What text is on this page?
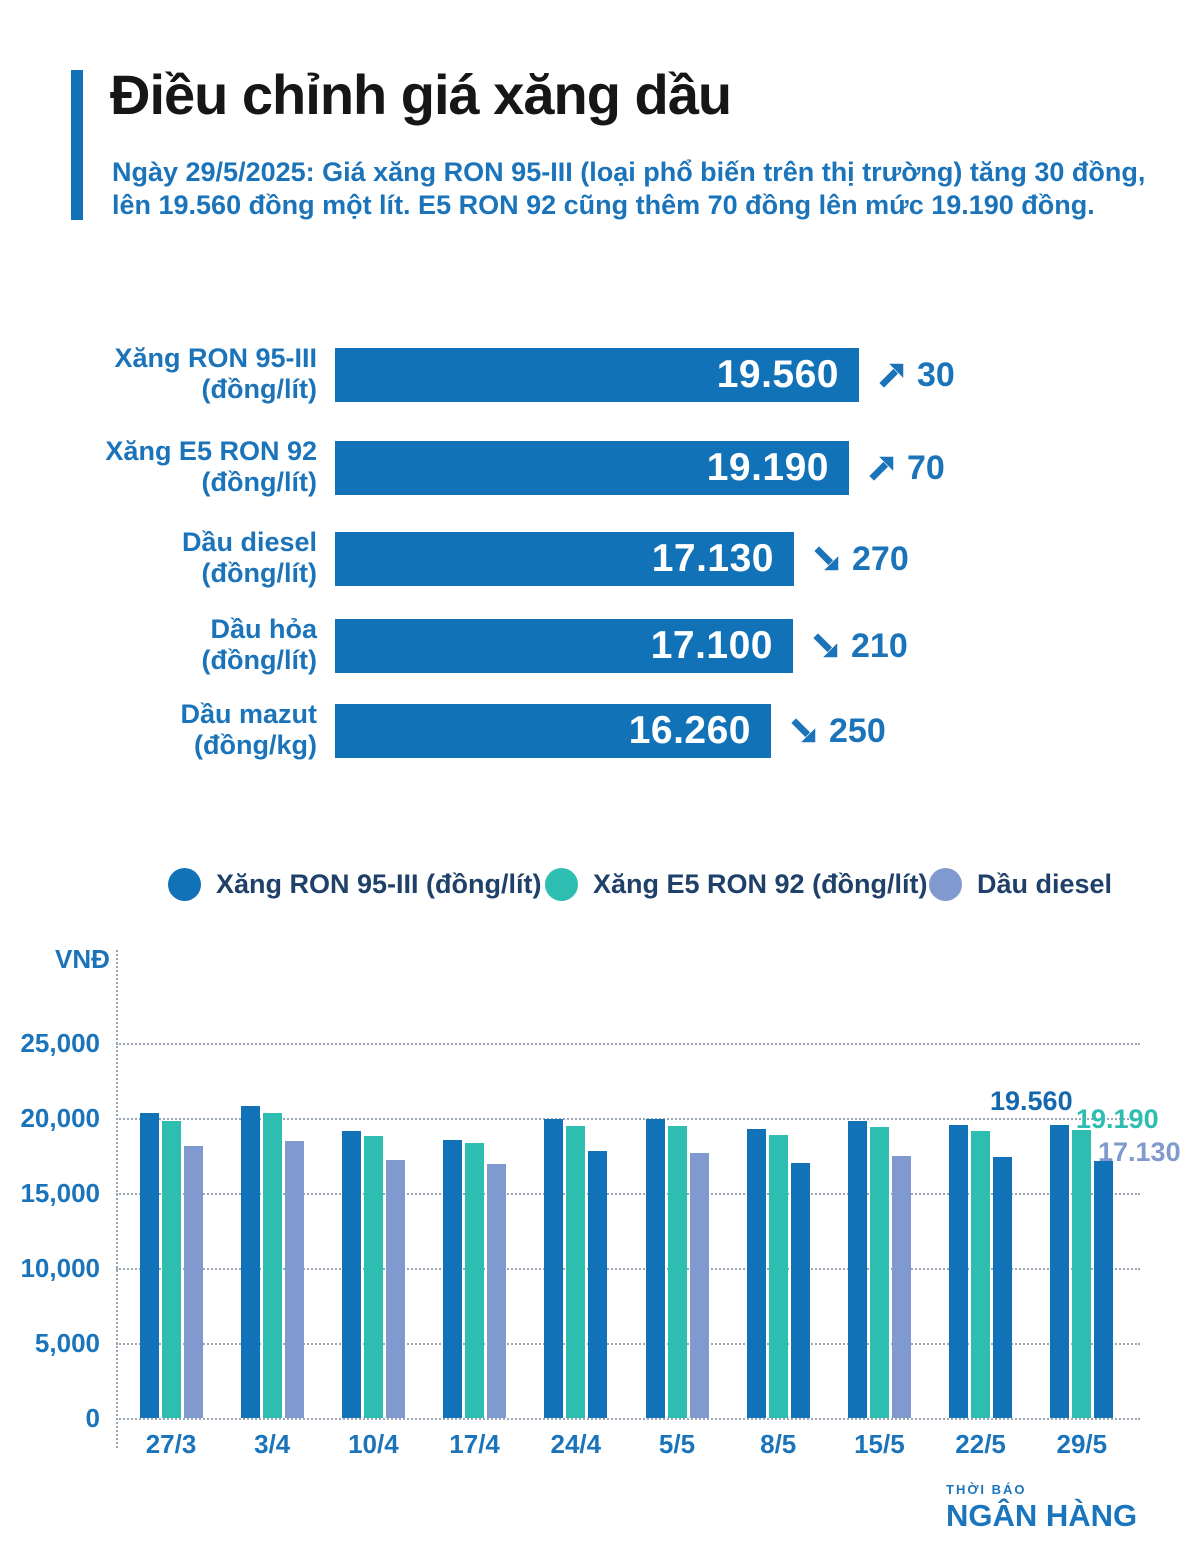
Điều chỉnh giá xăng dầu
Ngày 29/5/2025: Giá xăng RON 95-III (loại phổ biến trên thị trường) tăng 30 đồng,
lên 19.560 đồng một lít. E5 RON 92 cũng thêm 70 đồng lên mức 19.190 đồng.
Xăng RON 95-III
(đồng/lít)	19.560	30
Xăng E5 RON 92
(đồng/lít)	19.190	70
Dầu diesel
(đồng/lít)	17.130	270
Dầu hỏa
(đồng/lít)	17.100	210
Dầu mazut
(đồng/kg)	16.260	250
Xăng RON 95-III (đồng/lít) Xăng E5 RON 92 (đồng/lít) Dầu diesel
VNĐ
0
5,000
10,000
15,000
20,000
25,000
27/3	3/4	10/4	17/4	24/4	5/5	8/5	15/5	22/5	29/5
19.560
19.190
17.130
THỜI BÁO
NGÂN HÀNG
